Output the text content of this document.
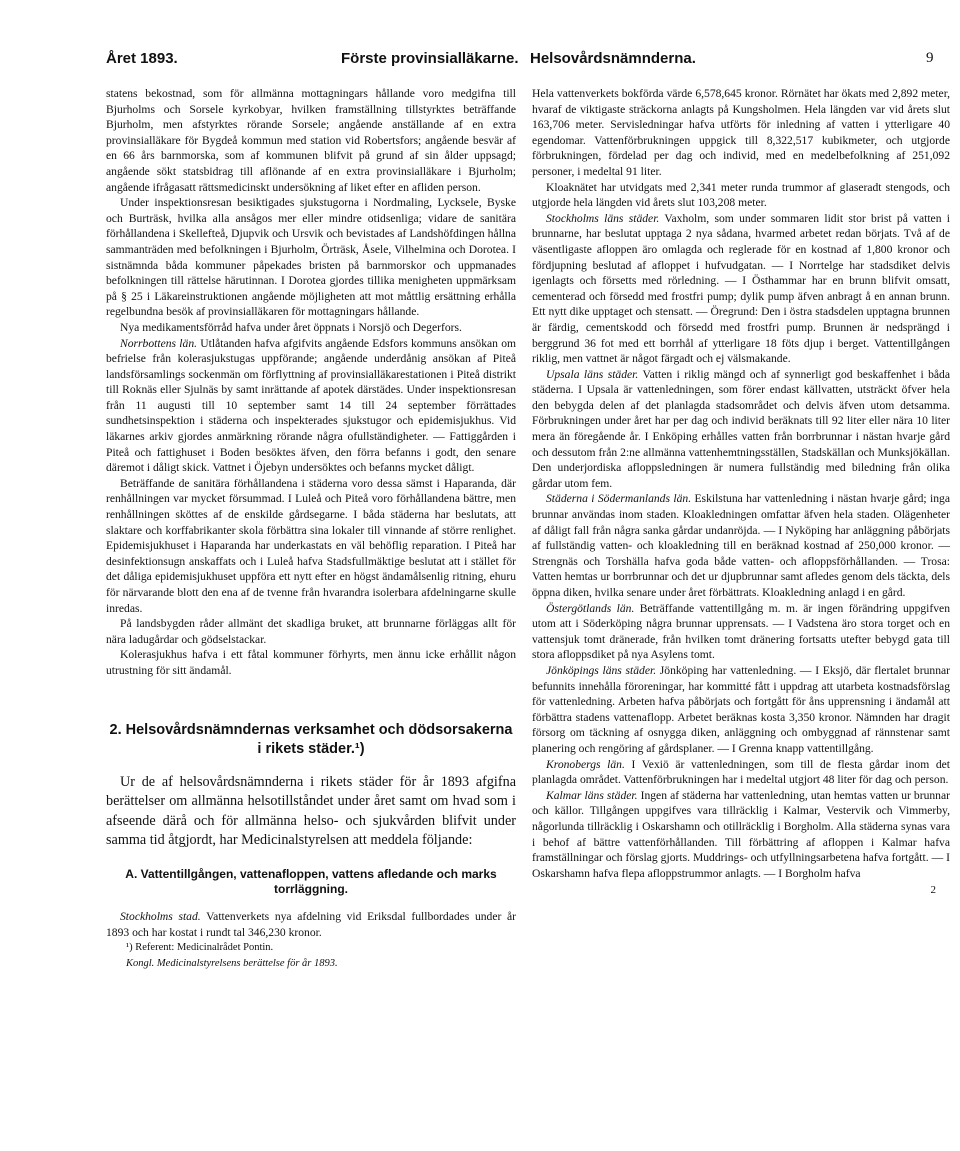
Året 1893.	Förste provinsialläkarne. Helsovårdsnämnderna.	9

statens bekostnad, som för allmänna mottagningars hållande voro medgifna till Bjurholms och Sorsele kyrkobyar, hvilken framställning tillstyrktes beträffande Bjurholm, men afstyrktes rörande Sorsele; angående anställande af en extra provinsialläkare för Bygdeå kommun med station vid Robertsfors; angående besvär af en 66 års barnmorska, som af kommunen blifvit på grund af sin ålder uppsagd; angående sökt statsbidrag till aflönande af en extra provinsialläkare i Bjurholm; angående ifrågasatt rättsmedicinskt undersökning af liket efter en afliden person.

Under inspektionsresan besiktigades sjukstugorna i Nordmaling, Lycksele, Byske och Burträsk, hvilka alla ansågos mer eller mindre otidsenliga; vidare de sanitära förhållandena i Skellefteå, Djupvik och Ursvik och bevistades af Landshöfdingen hållna sammanträden med befolkningen i Bjurholm, Örträsk, Åsele, Vilhelmina och Dorotea. I sistnämnda båda kommuner påpekades bristen på barnmorskor och uppmanades befolkningen till rättelse härutinnan. I Dorotea gjordes tillika menigheten uppmärksam på § 25 i Läkareinstruktionen angående möjligheten att mot måttlig ersättning erhålla regelbundna besök af provinsialläkaren för mottagningars hållande.

Nya medikamentsförråd hafva under året öppnats i Norsjö och Degerfors.

Norrbottens län. Utlåtanden hafva afgifvits angående Edsfors kommuns ansökan om befrielse från kolerasjukstugas uppförande; angående underdånig ansökan af Piteå landsförsamlings sockenmän om förflyttning af provinsialläkarestationen i Piteå distrikt till Roknäs eller Sjulnäs by samt inrättande af apotek därstädes. Under inspektionsresan från 11 augusti till 10 september samt 14 till 24 september förrättades sundhetsinspektion i städerna och inspekterades sjukstugor och epidemisjukhus. Vid läkarnes arkiv gjordes anmärkning rörande några ofullständigheter. — Fattiggården i Piteå och fattighuset i Boden besöktes äfven, den förra befanns i godt, den senare däremot i dåligt skick. Vattnet i Öjebyn undersöktes och befanns mycket dåligt.

Beträffande de sanitära förhållandena i städerna voro dessa sämst i Haparanda, där renhållningen var mycket försummad. I Luleå och Piteå voro förhållandena bättre, men renhållningen sköttes af de enskilde gårdsegarne. I båda städerna har beslutats, att slaktare och korffabrikanter skola förbättra sina lokaler till vinnande af större renlighet. Epidemisjukhuset i Haparanda har underkastats en väl behöflig reparation. I Piteå har desinfektionsugn anskaffats och i Luleå hafva Stadsfullmäktige beslutat att i stället för det dåliga epidemisjukhuset uppföra ett nytt efter en högst ändamålsenlig ritning, ehuru för närvarande blott den ena af de tvenne från hvarandra isolerbara afdelningarne skulle inredas.

På landsbygden råder allmänt det skadliga bruket, att brunnarne förläggas allt för nära ladugårdar och gödselstackar.

Kolerasjukhus hafva i ett fåtal kommuner förhyrts, men ännu icke erhållit någon utrustning för sitt ändamål.

2. Helsovårdsnämndernas verksamhet och dödsorsakerna i rikets städer.¹)

Ur de af helsovårdsnämnderna i rikets städer för år 1893 afgifna berättelser om allmänna helsotillståndet under året samt om hvad som i afseende därå och för allmänna helso- och sjukvården blifvit under samma tid åtgjordt, har Medicinalstyrelsen att meddela följande:

A. Vattentillgången, vattenafloppen, vattens afledande och marks torrläggning.

Stockholms stad. Vattenverkets nya afdelning vid Eriksdal fullbordades under år 1893 och har kostat i rundt tal 346,230 kronor.

¹) Referent: Medicinalrådet Pontin.

Kongl. Medicinalstyrelsens berättelse för år 1893.

Hela vattenverkets bokförda värde 6,578,645 kronor. Rörnätet har ökats med 2,892 meter, hvaraf de viktigaste sträckorna anlagts på Kungsholmen. Hela längden var vid årets slut 163,706 meter. Servisledningar hafva utförts för inledning af vatten i ytterligare 40 egendomar. Vattenförbrukningen uppgick till 8,322,517 kubikmeter, och utgjorde förbrukningen, fördelad per dag och individ, med en medelbefolkning af 251,092 personer, i medeltal 91 liter.

Kloaknätet har utvidgats med 2,341 meter runda trummor af glaseradt stengods, och utgjorde hela längden vid årets slut 103,208 meter.

Stockholms läns städer. Vaxholm, som under sommaren lidit stor brist på vatten i brunnarne, har beslutat upptaga 2 nya sådana, hvarmed arbetet redan börjats. Två af de väsentligaste afloppen äro omlagda och reglerade för en kostnad af 1,800 kronor och fördjupning beslutad af afloppet i hufvudgatan. — I Norrtelge har stadsdiket delvis igenlagts och försetts med rörledning. — I Östhammar har en brunn blifvit omsatt, cementerad och försedd med frostfri pump; dylik pump äfven anbragt å en annan brunn. Ett nytt dike upptaget och stensatt. — Öregrund: Den i östra stadsdelen upptagna brunnen är färdig, cementskodd och försedd med frostfri pump. Brunnen är nedsprängd i berggrund 36 fot med ett borrhål af ytterligare 18 föts djup i berget. Vattentillgången riklig, men vattnet är något färgadt och ej välsmakande.

Upsala läns städer. Vatten i riklig mängd och af synnerligt god beskaffenhet i båda städerna. I Upsala är vattenledningen, som förer endast källvatten, utsträckt öfver hela den bebygda delen af det planlagda stadsområdet och delvis äfven utom detsamma. Förbrukningen under året har per dag och individ beräknats till 92 liter eller nära 10 liter mera än föregående år. I Enköping erhålles vatten från borrbrunnar i nästan hvarje gård och dessutom från 2:ne allmänna vattenhemtningsställen, Stadskällan och Munksjökällan. Den underjordiska afloppsledningen är numera fullständig med biledning från olika gårdar utom fem.

Städerna i Södermanlands län. Eskilstuna har vattenledning i nästan hvarje gård; inga brunnar användas inom staden. Kloakledningen omfattar äfven hela staden. Olägenheter af dåligt fall från några sanka gårdar undanröjda. — I Nyköping har anläggning påbörjats af fullständig vatten- och kloakledning till en beräknad kostnad af 250,000 kronor. — Strengnäs och Torshälla hafva goda både vatten- och afloppsförhållanden. — Trosa: Vatten hemtas ur borrbrunnar och det ur djupbrunnar samt afledes genom dels täckta, dels öppna diken, hvilka senare under året förbättrats. Kloakledning anlagd i en gård.

Östergötlands län. Beträffande vattentillgång m. m. är ingen förändring uppgifven utom att i Söderköping några brunnar upprensats. — I Vadstena äro stora torget och en vattensjuk tomt dränerade, från hvilken tomt dränering fortsatts utefter bebygd gata till stora afloppsdiket på nya Asylens tomt.

Jönköpings läns städer. Jönköping har vattenledning. — I Eksjö, där flertalet brunnar befunnits innehålla föroreningar, har kommitté fått i uppdrag att utarbeta kostnadsförslag för vattenledning. Arbeten hafva påbörjats och fortgått för åns upprensning i ändamål att förbättra stadens vattenaflopp. Arbetet beräknas kosta 3,350 kronor. Nämnden har dragit försorg om täckning af osnygga diken, anläggning och ombyggnad af rännstenar samt planering och rengöring af gårdsplaner. — I Grenna knapp vattentillgång.

Kronobergs län. I Vexiö är vattenledningen, som till de flesta gårdar inom det planlagda området. Vattenförbrukningen har i medeltal utgjort 48 liter för dag och person.

Kalmar läns städer. Ingen af städerna har vattenledning, utan hemtas vatten ur brunnar och källor. Tillgången uppgifves vara tillräcklig i Kalmar, Vestervik och Vimmerby, någorlunda tillräcklig i Oskarshamn och otillräcklig i Borgholm. Alla städerna synas vara i behof af bättre vattenförhållanden. Till förbättring af afloppen i Kalmar hafva framställningar och förslag gjorts. Muddrings- och utfyllningsarbetena hafva fortgått. — I Oskarshamn hafva fleра afloppstrummor anlagts. — I Borgholm hafva

2
